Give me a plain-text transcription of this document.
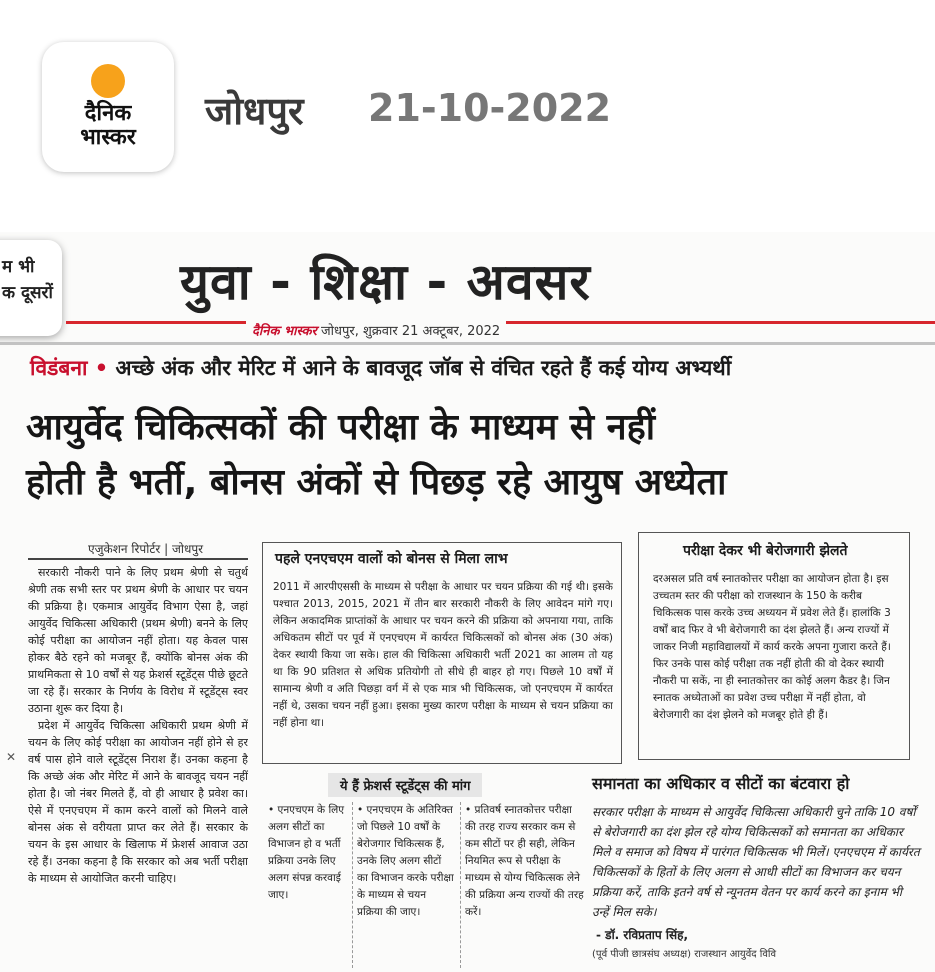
दैनिक
भास्कर
जोधपुर 21-10-2022
म भी
क दूसरों
✕
युवा - शिक्षा - अवसर
दैनिक भास्कर जोधपुर, शुक्रवार 21 अक्टूबर, 2022
विडंबना • अच्छे अंक और मेरिट में आने के बावजूद जॉब से वंचित रहते हैं कई योग्य अभ्यर्थी
आयुर्वेद चिकित्सकों की परीक्षा के माध्यम से नहीं
होती है भर्ती, बोनस अंकों से पिछड़ रहे आयुष अध्येता
एजुकेशन रिपोर्टर | जोधपुर

सरकारी नौकरी पाने के लिए प्रथम श्रेणी से चतुर्थ श्रेणी तक सभी स्तर पर प्रथम श्रेणी के आधार पर चयन की प्रक्रिया है। एकमात्र आयुर्वेद विभाग ऐसा है, जहां आयुर्वेद चिकित्सा अधिकारी (प्रथम श्रेणी) बनने के लिए कोई परीक्षा का आयोजन नहीं होता। यह केवल पास होकर बैठे रहने को मजबूर हैं, क्योंकि बोनस अंक की प्राथमिकता से 10 वर्षों से यह फ्रेशर्स स्टूडेंट्स पीछे छूटते जा रहे हैं। सरकार के निर्णय के विरोध में स्टूडेंट्स स्वर उठाना शुरू कर दिया है।

प्रदेश में आयुर्वेद चिकित्सा अधिकारी प्रथम श्रेणी में चयन के लिए कोई परीक्षा का आयोजन नहीं होने से हर वर्ष पास होने वाले स्टूडेंट्स निराश हैं। उनका कहना है कि अच्छे अंक और मेरिट में आने के बावजूद चयन नहीं होता है। जो नंबर मिलते हैं, वो ही आधार है प्रवेश का। ऐसे में एनएचएम में काम करने वालों को मिलने वाले बोनस अंक से वरीयता प्राप्त कर लेते हैं। सरकार के चयन के इस आधार के खिलाफ में फ्रेशर्स आवाज उठा रहे हैं। उनका कहना है कि सरकार को अब भर्ती परीक्षा के माध्यम से आयोजित करनी चाहिए।

पहले एनएचएम वालों को बोनस से मिला लाभ
2011 में आरपीएससी के माध्यम से परीक्षा के आधार पर चयन प्रक्रिया की गई थी। इसके पश्चात 2013, 2015, 2021 में तीन बार सरकारी नौकरी के लिए आवेदन मांगे गए। लेकिन अकादमिक प्राप्तांकों के आधार पर चयन करने की प्रक्रिया को अपनाया गया, ताकि अधिकतम सीटों पर पूर्व में एनएचएम में कार्यरत चिकित्सकों को बोनस अंक (30 अंक) देकर स्थायी किया जा सके। हाल की चिकित्सा अधिकारी भर्ती 2021 का आलम तो यह था कि 90 प्रतिशत से अधिक प्रतियोगी तो सीधे ही बाहर हो गए। पिछले 10 वर्षों में सामान्य श्रेणी व अति पिछड़ा वर्ग में से एक मात्र भी चिकित्सक, जो एनएचएम में कार्यरत नहीं थे, उसका चयन नहीं हुआ। इसका मुख्य कारण परीक्षा के माध्यम से चयन प्रक्रिया का नहीं होना था।
परीक्षा देकर भी बेरोजगारी झेलते
दरअसल प्रति वर्ष स्नातकोत्तर परीक्षा का आयोजन होता है। इस उच्चतम स्तर की परीक्षा को राजस्थान के 150 के करीब चिकित्सक पास करके उच्च अध्ययन में प्रवेश लेते हैं। हालांकि 3 वर्षों बाद फिर वे भी बेरोजगारी का दंश झेलते हैं। अन्य राज्यों में जाकर निजी महाविद्यालयों में कार्य करके अपना गुजारा करते हैं। फिर उनके पास कोई परीक्षा तक नहीं होती की वो देकर स्थायी नौकरी पा सकें, ना ही स्नातकोत्तर का कोई अलग कैडर है। जिन स्नातक अध्येताओं का प्रवेश उच्च परीक्षा में नहीं होता, वो बेरोजगारी का दंश झेलने को मजबूर होते ही हैं।
ये हैं फ्रेशर्स स्टूडेंट्स की मांग
• एनएचएम के लिए अलग सीटों का विभाजन हो व भर्ती प्रक्रिया उनके लिए अलग संपन्न करवाई जाए।
• एनएचएम के अतिरिक्त जो पिछले 10 वर्षों के बेरोजगार चिकित्सक हैं, उनके लिए अलग सीटों का विभाजन करके परीक्षा के माध्यम से चयन प्रक्रिया की जाए।
• प्रतिवर्ष स्नातकोत्तर परीक्षा की तरह राज्य सरकार कम से कम सीटों पर ही सही, लेकिन नियमित रूप से परीक्षा के माध्यम से योग्य चिकित्सक लेने की प्रक्रिया अन्य राज्यों की तरह करें।
समानता का अधिकार व सीटों का बंटवारा हो
सरकार परीक्षा के माध्यम से आयुर्वेद चिकित्सा अधिकारी चुने ताकि 10 वर्षों से बेरोजगारी का दंश झेल रहे योग्य चिकित्सकों को समानता का अधिकार मिले व समाज को विषय में पारंगत चिकित्सक भी मिलें। एनएचएम में कार्यरत चिकित्सकों के हितों के लिए अलग से आधी सीटों का विभाजन कर चयन प्रक्रिया करें, ताकि इतने वर्ष से न्यूनतम वेतन पर कार्य करने का इनाम भी उन्हें मिल सके।
- डॉ. रविप्रताप सिंह,
(पूर्व पीजी छात्रसंघ अध्यक्ष) राजस्थान आयुर्वेद विवि
